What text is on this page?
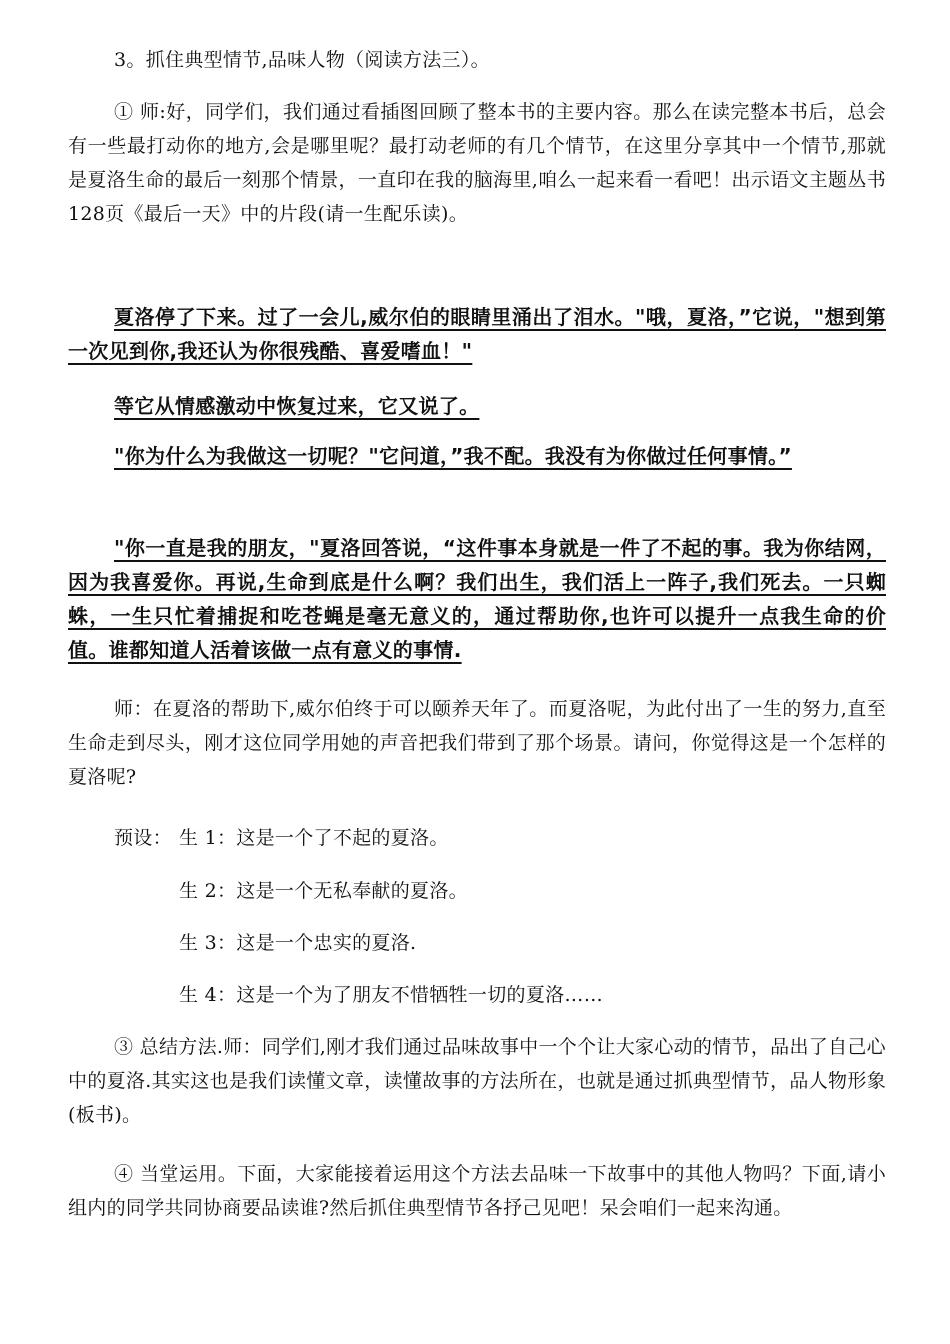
3。抓住典型情节,品味人物（阅读方法三）。

① 师:好，同学们，我们通过看插图回顾了整本书的主要内容。那么在读完整本书后，总会有一些最打动你的地方,会是哪里呢？最打动老师的有几个情节，在这里分享其中一个情节,那就是夏洛生命的最后一刻那个情景，一直印在我的脑海里,咱么一起来看一看吧！出示语文主题丛书128页《最后一天》中的片段(请一生配乐读)。

夏洛停了下来。过了一会儿,威尔伯的眼睛里涌出了泪水。"哦，夏洛，”它说，"想到第一次见到你,我还认为你很残酷、喜爱嗜血！"

等它从情感激动中恢复过来，它又说了。

"你为什么为我做这一切呢？"它问道，”我不配。我没有为你做过任何事情。”

"你一直是我的朋友，"夏洛回答说，“这件事本身就是一件了不起的事。我为你结网，因为我喜爱你。再说,生命到底是什么啊？我们出生，我们活上一阵子,我们死去。一只蜘蛛，一生只忙着捕捉和吃苍蝇是毫无意义的，通过帮助你,也许可以提升一点我生命的价值。谁都知道人活着该做一点有意义的事情.

师：在夏洛的帮助下,威尔伯终于可以颐养天年了。而夏洛呢，为此付出了一生的努力,直至生命走到尽头，刚才这位同学用她的声音把我们带到了那个场景。请问，你觉得这是一个怎样的夏洛呢?

预设： 生 1：这是一个了不起的夏洛。
生 2：这是一个无私奉献的夏洛。
生 3：这是一个忠实的夏洛.
生 4：这是一个为了朋友不惜牺牲一切的夏洛……

③ 总结方法.师：同学们,刚才我们通过品味故事中一个个让大家心动的情节，品出了自己心中的夏洛.其实这也是我们读懂文章，读懂故事的方法所在，也就是通过抓典型情节，品人物形象(板书)。

④ 当堂运用。下面，大家能接着运用这个方法去品味一下故事中的其他人物吗？下面,请小组内的同学共同协商要品读谁?然后抓住典型情节各抒己见吧！呆会咱们一起来沟通。
